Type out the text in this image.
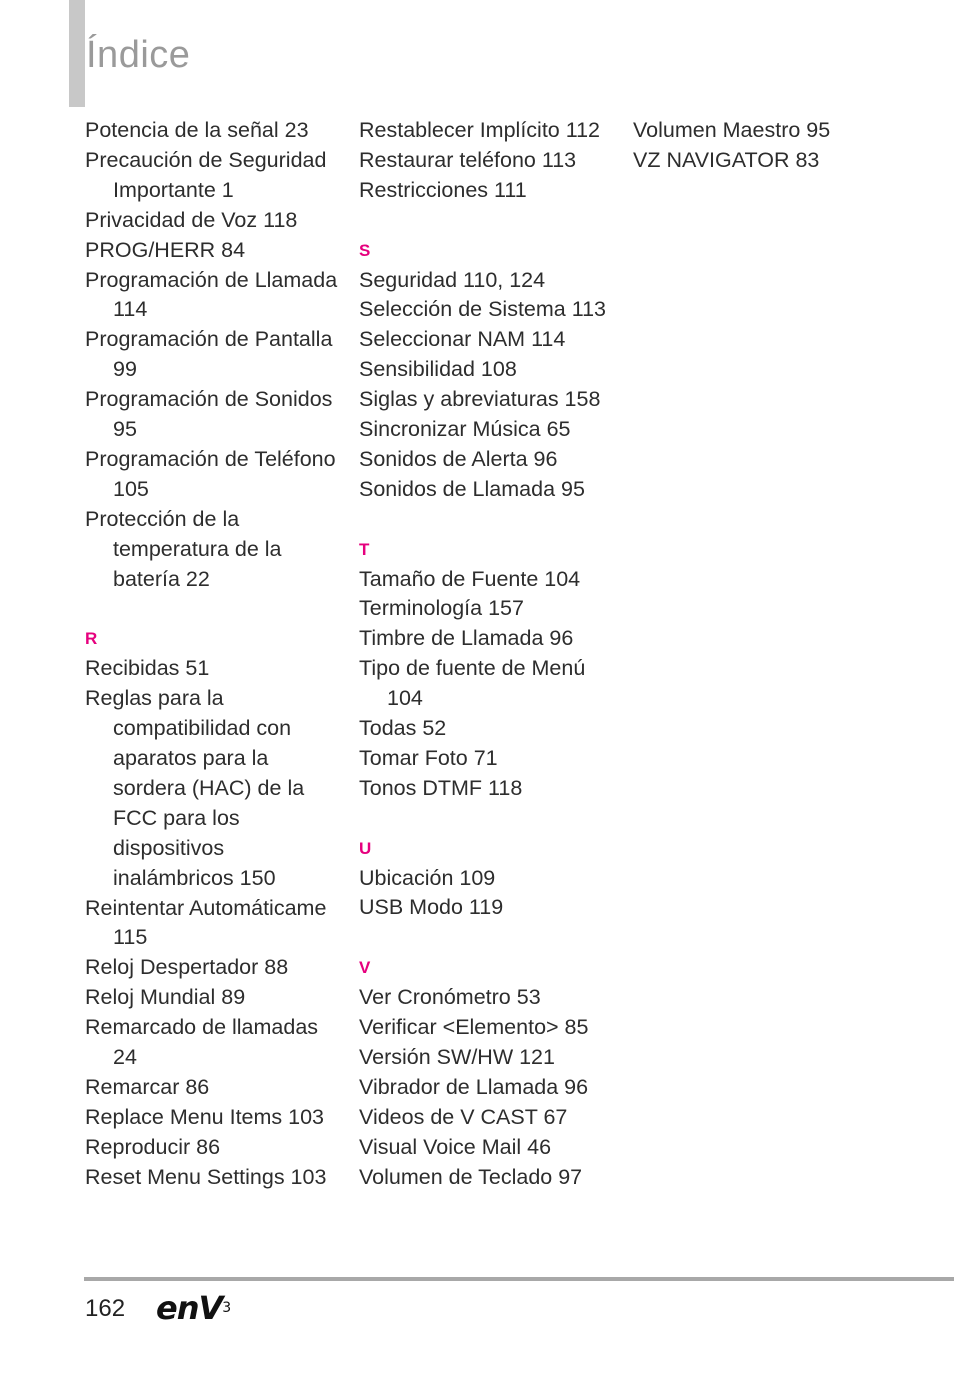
Índice

Potencia de la señal 23

Precaución de Seguridad Importante 1

Privacidad de Voz 118

PROG/HERR 84

Programación de Llamada 114

Programación de Pantalla 99

Programación de Sonidos 95

Programación de Teléfono 105

Protección de la temperatura de la batería 22

R

Recibidas 51

Reglas para la compatibilidad con aparatos para la sordera (HAC) de la FCC para los dispositivos inalámbricos 150

Reintentar Automáticame 115

Reloj Despertador 88

Reloj Mundial 89

Remarcado de llamadas 24

Remarcar 86

Replace Menu Items 103

Reproducir 86

Reset Menu Settings 103

Restablecer Implícito 112

Restaurar teléfono 113

Restricciones 111

S

Seguridad 110, 124

Selección de Sistema 113

Seleccionar NAM 114

Sensibilidad 108

Siglas y abreviaturas 158

Sincronizar Música 65

Sonidos de Alerta 96

Sonidos de Llamada 95

T

Tamaño de Fuente 104

Terminología 157

Timbre de Llamada 96

Tipo de fuente de Menú 104

Todas 52

Tomar Foto 71

Tonos DTMF 118

U

Ubicación 109

USB Modo 119

V

Ver Cronómetro 53

Verificar <Elemento> 85

Versión SW/HW 121

Vibrador de Llamada 96

Videos de V CAST 67

Visual Voice Mail 46

Volumen de Teclado 97

Volumen Maestro 95

VZ NAVIGATOR 83

162 enV$^3$
